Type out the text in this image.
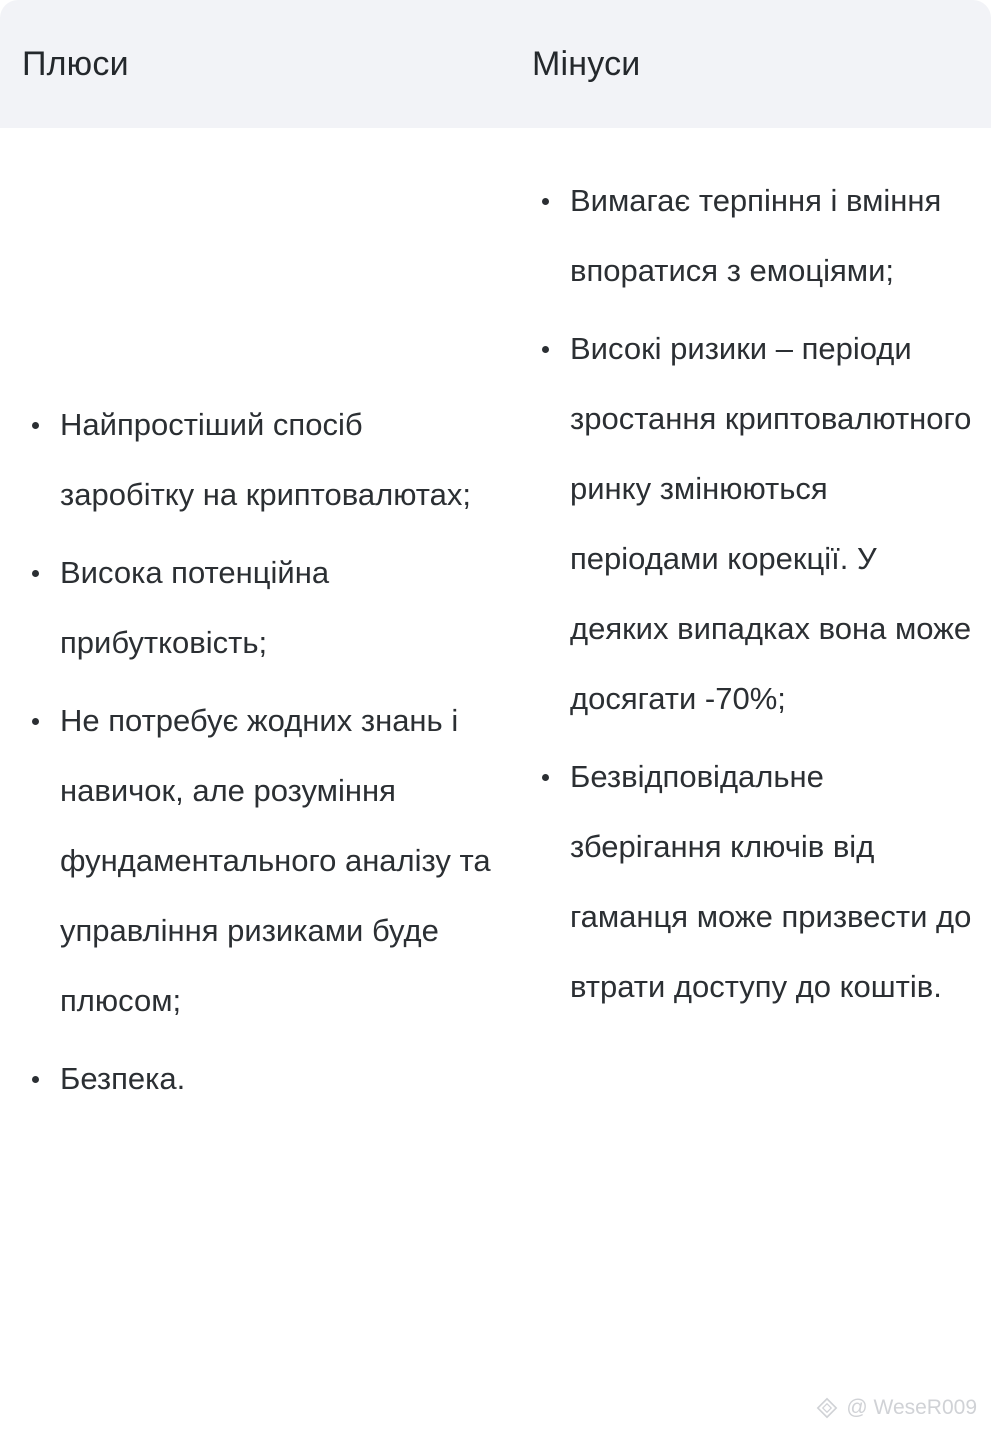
Плюси	Мінуси
Найпростіший спосіб заробітку на криптовалютах;
Висока потенційна прибутковість;
Не потребує жодних знань і навичок, але розуміння фундаментального аналізу та управління ризиками буде плюсом;
Безпека.
Вимагає терпіння і вміння впоратися з емоціями;
Високі ризики – періоди зростання криптовалютного ринку змінюються періодами корекції. У деяких випадках вона може досягати -70%;
Безвідповідальне зберігання ключів від гаманця може призвести до втрати доступу до коштів.
@ WeseR009
